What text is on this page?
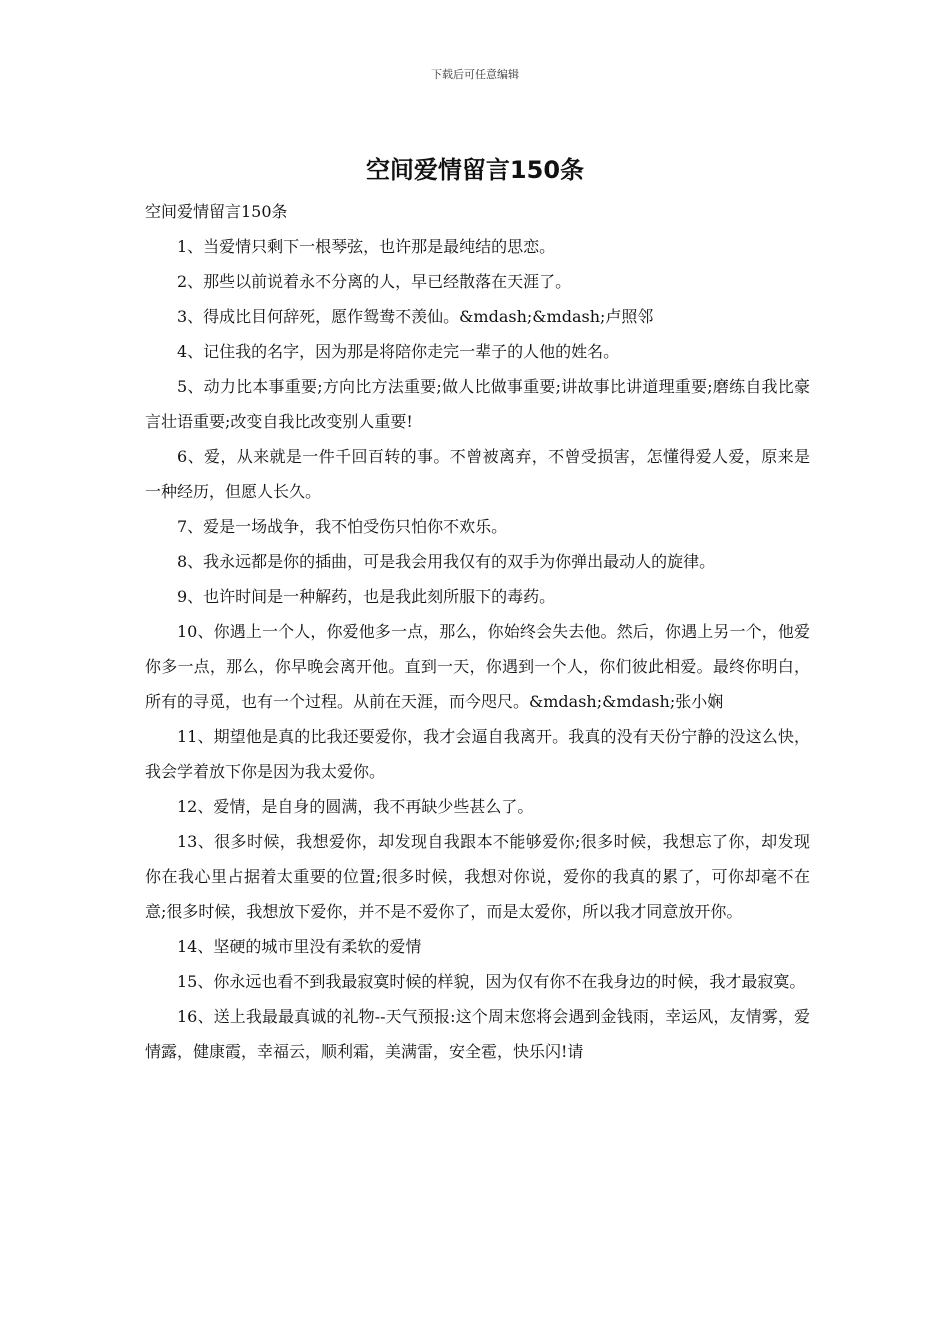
下载后可任意编辑
空间爱情留言150条

空间爱情留言150条

1、当爱情只剩下一根琴弦，也许那是最纯结的思恋。

2、那些以前说着永不分离的人，早已经散落在天涯了。

3、得成比目何辞死，愿作鸳鸯不羡仙。&mdash;&mdash;卢照邻

4、记住我的名字，因为那是将陪你走完一辈子的人他的姓名。

5、动力比本事重要;方向比方法重要;做人比做事重要;讲故事比讲道理重要;磨练自我比豪言壮语重要;改变自我比改变别人重要!

6、爱，从来就是一件千回百转的事。不曾被离弃，不曾受损害，怎懂得爱人爱，原来是一种经历，但愿人长久。

7、爱是一场战争，我不怕受伤只怕你不欢乐。

8、我永远都是你的插曲，可是我会用我仅有的双手为你弹出最动人的旋律。

9、也许时间是一种解药，也是我此刻所服下的毒药。

10、你遇上一个人，你爱他多一点，那么，你始终会失去他。然后，你遇上另一个，他爱你多一点，那么，你早晚会离开他。直到一天，你遇到一个人，你们彼此相爱。最终你明白，所有的寻觅，也有一个过程。从前在天涯，而今咫尺。&mdash;&mdash;张小娴

11、期望他是真的比我还要爱你，我才会逼自我离开。我真的没有天份宁静的没这么快，我会学着放下你是因为我太爱你。

12、爱情，是自身的圆满，我不再缺少些甚么了。

13、很多时候，我想爱你，却发现自我跟本不能够爱你;很多时候，我想忘了你，却发现你在我心里占据着太重要的位置;很多时候，我想对你说，爱你的我真的累了，可你却毫不在意;很多时候，我想放下爱你，并不是不爱你了，而是太爱你，所以我才同意放开你。

14、坚硬的城市里没有柔软的爱情

15、你永远也看不到我最寂寞时候的样貌，因为仅有你不在我身边的时候，我才最寂寞。

16、送上我最最真诚的礼物--天气预报:这个周末您将会遇到金钱雨，幸运风，友情雾，爱情露，健康霞，幸福云，顺利霜，美满雷，安全雹，快乐闪!请
